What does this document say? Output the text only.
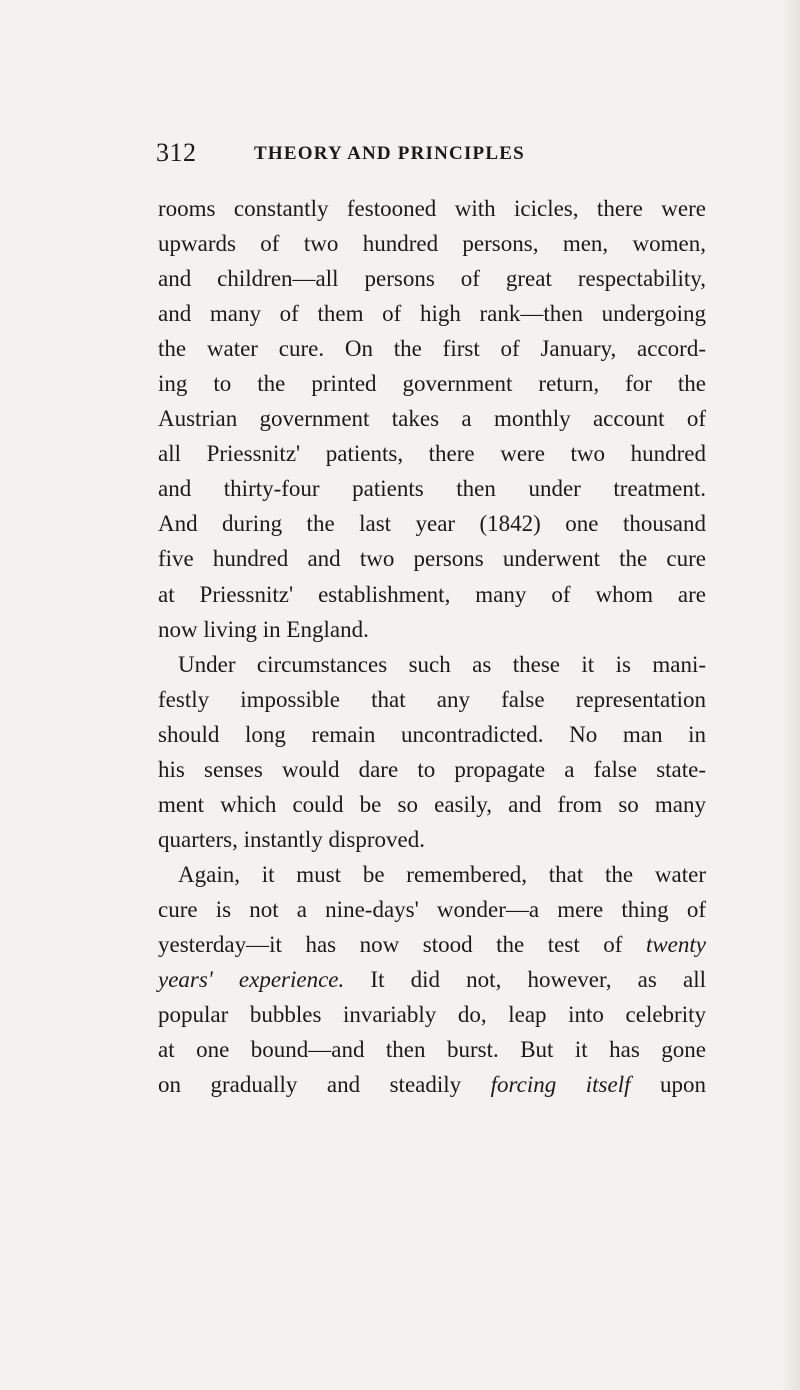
312	THEORY AND PRINCIPLES
rooms constantly festooned with icicles, there were
upwards of two hundred persons, men, women,
and children—all persons of great respectability,
and many of them of high rank—then undergoing
the water cure. On the first of January, accord-
ing to the printed government return, for the
Austrian government takes a monthly account of
all Priessnitz' patients, there were two hundred
and thirty-four patients then under treatment.
And during the last year (1842) one thousand
five hundred and two persons underwent the cure
at Priessnitz' establishment, many of whom are
now living in England.
Under circumstances such as these it is mani-
festly impossible that any false representation
should long remain uncontradicted. No man in
his senses would dare to propagate a false state-
ment which could be so easily, and from so many
quarters, instantly disproved.
Again, it must be remembered, that the water
cure is not a nine-days' wonder—a mere thing of
yesterday—it has now stood the test of twenty
years' experience. It did not, however, as all
popular bubbles invariably do, leap into celebrity
at one bound—and then burst. But it has gone
on gradually and steadily forcing itself upon
